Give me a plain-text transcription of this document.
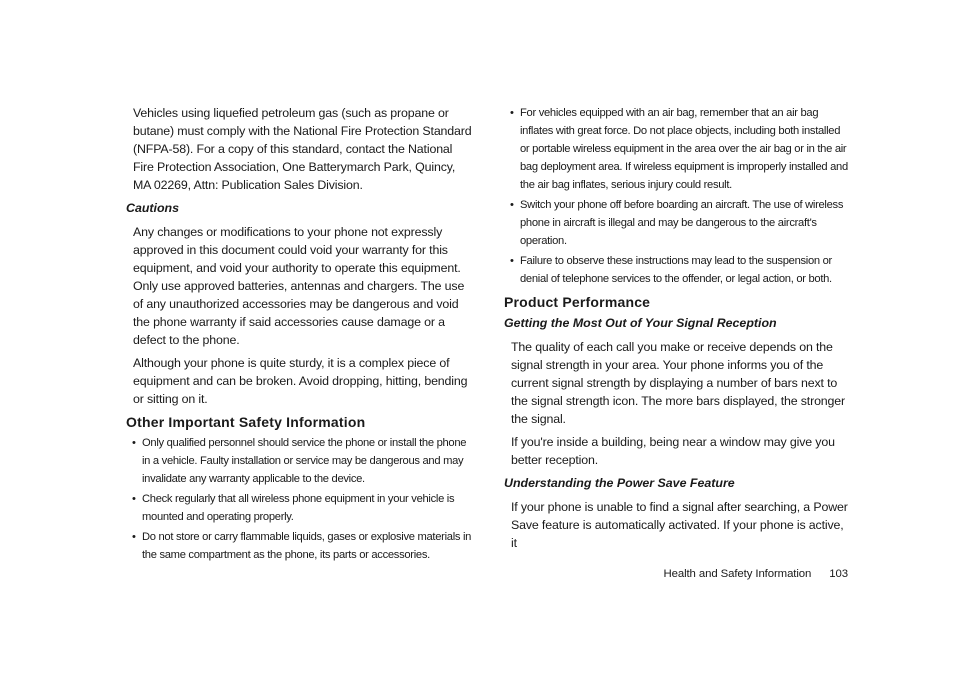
Vehicles using liquefied petroleum gas (such as propane or butane) must comply with the National Fire Protection Standard (NFPA-58). For a copy of this standard, contact the National Fire Protection Association, One Batterymarch Park, Quincy, MA 02269, Attn: Publication Sales Division.

Cautions

Any changes or modifications to your phone not expressly approved in this document could void your warranty for this equipment, and void your authority to operate this equipment. Only use approved batteries, antennas and chargers. The use of any unauthorized accessories may be dangerous and void the phone warranty if said accessories cause damage or a defect to the phone.

Although your phone is quite sturdy, it is a complex piece of equipment and can be broken. Avoid dropping, hitting, bending or sitting on it.

Other Important Safety Information
• Only qualified personnel should service the phone or install the phone in a vehicle. Faulty installation or service may be dangerous and may invalidate any warranty applicable to the device.
• Check regularly that all wireless phone equipment in your vehicle is mounted and operating properly.
• Do not store or carry flammable liquids, gases or explosive materials in the same compartment as the phone, its parts or accessories.
• For vehicles equipped with an air bag, remember that an air bag inflates with great force. Do not place objects, including both installed or portable wireless equipment in the area over the air bag or in the air bag deployment area. If wireless equipment is improperly installed and the air bag inflates, serious injury could result.
• Switch your phone off before boarding an aircraft. The use of wireless phone in aircraft is illegal and may be dangerous to the aircraft's operation.
• Failure to observe these instructions may lead to the suspension or denial of telephone services to the offender, or legal action, or both.
Product Performance
Getting the Most Out of Your Signal Reception

The quality of each call you make or receive depends on the signal strength in your area. Your phone informs you of the current signal strength by displaying a number of bars next to the signal strength icon. The more bars displayed, the stronger the signal.

If you're inside a building, being near a window may give you better reception.

Understanding the Power Save Feature

If your phone is unable to find a signal after searching, a Power Save feature is automatically activated. If your phone is active, it

Health and Safety Information 103
